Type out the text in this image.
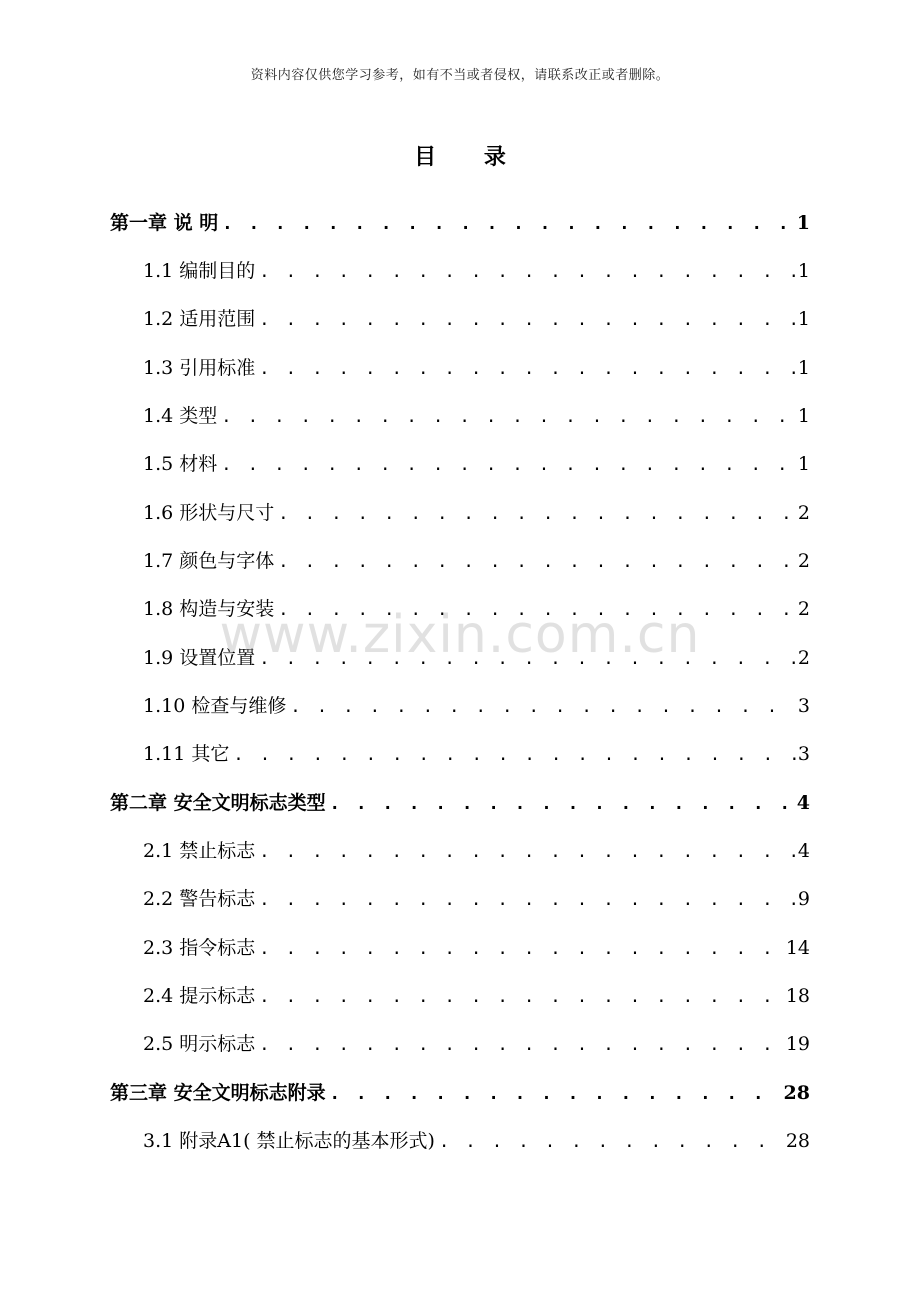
资料内容仅供您学习参考，如有不当或者侵权，请联系改正或者删除。
目 录
第一章 说 明 . . .	1
1.1 编制目的 . . .	1
1.2 适用范围 . . .	1
1.3 引用标准 . . .	1
1.4 类型 . . .	1
1.5 材料 . . .	1
1.6 形状与尺寸 . . .	2
1.7 颜色与字体 . . .	2
1.8 构造与安装 . . .	2
1.9 设置位置 . . .	2
1.10 检查与维修 . . .	3
1.11 其它 . . .	3
第二章 安全文明标志类型 . . .	4
2.1 禁止标志 . . .	4
2.2 警告标志 . . .	9
2.3 指令标志 . . .	14
2.4 提示标志 . . .	18
2.5 明示标志 . . .	19
第三章 安全文明标志附录 . . .	28
3.1 附录A1( 禁止标志的基本形式) . . .	28
www.zixin.com.cn
